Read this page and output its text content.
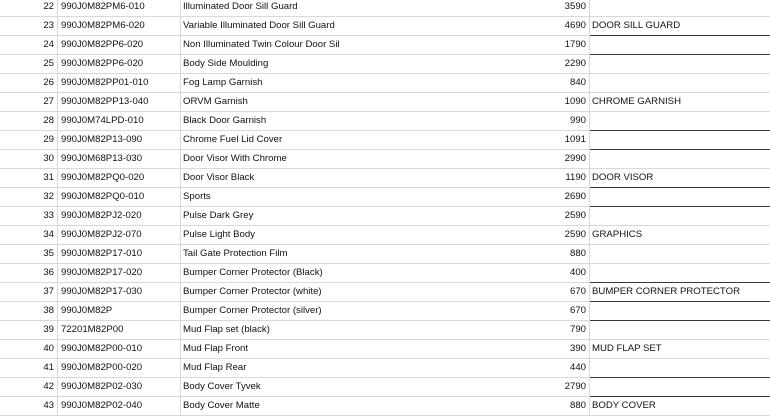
22 990J0M82PM6-010	Illuminated Door Sill Guard	3590
23 990J0M82PM6-020	Variable Illuminated Door Sill Guard	4690 DOOR SILL GUARD
24 990J0M82PP6-020	Non Illuminated Twin Colour Door Sil	1790
25 990J0M82PP6-020	Body Side Moulding	2290
26 990J0M82PP01-010	Fog Lamp Garnish	840
27 990J0M82PP13-040	ORVM Garnish	1090 CHROME GARNISH
28 990J0M74LPD-010	Black Door Garnish	990
29 990J0M82P13-090	Chrome Fuel Lid Cover	1091
30 990J0M68P13-030	Door Visor With Chrome	2990
31 990J0M82PQ0-020	Door Visor Black	1190 DOOR VISOR
32 990J0M82PQ0-010	Sports	2690
33 990J0M82PJ2-020	Pulse Dark Grey	2590
34 990J0M82PJ2-070	Pulse Light Body	2590 GRAPHICS
35 990J0M82P17-010	Tail Gate Protection Film	880
36 990J0M82P17-020	Bumper Corner Protector (Black)	400
37 990J0M82P17-030	Bumper Corner Protector (white)	670 BUMPER CORNER PROTECTOR
38 990J0M82P	Bumper Corner Protector (silver)	670
39 72201M82P00	Mud Flap set (black)	790
40 990J0M82P00-010	Mud Flap Front	390 MUD FLAP SET
41 990J0M82P00-020	Mud Flap Rear	440
42 990J0M82P02-030	Body Cover Tyvek	2790
43 990J0M82P02-040	Body Cover Matte	880 BODY COVER
